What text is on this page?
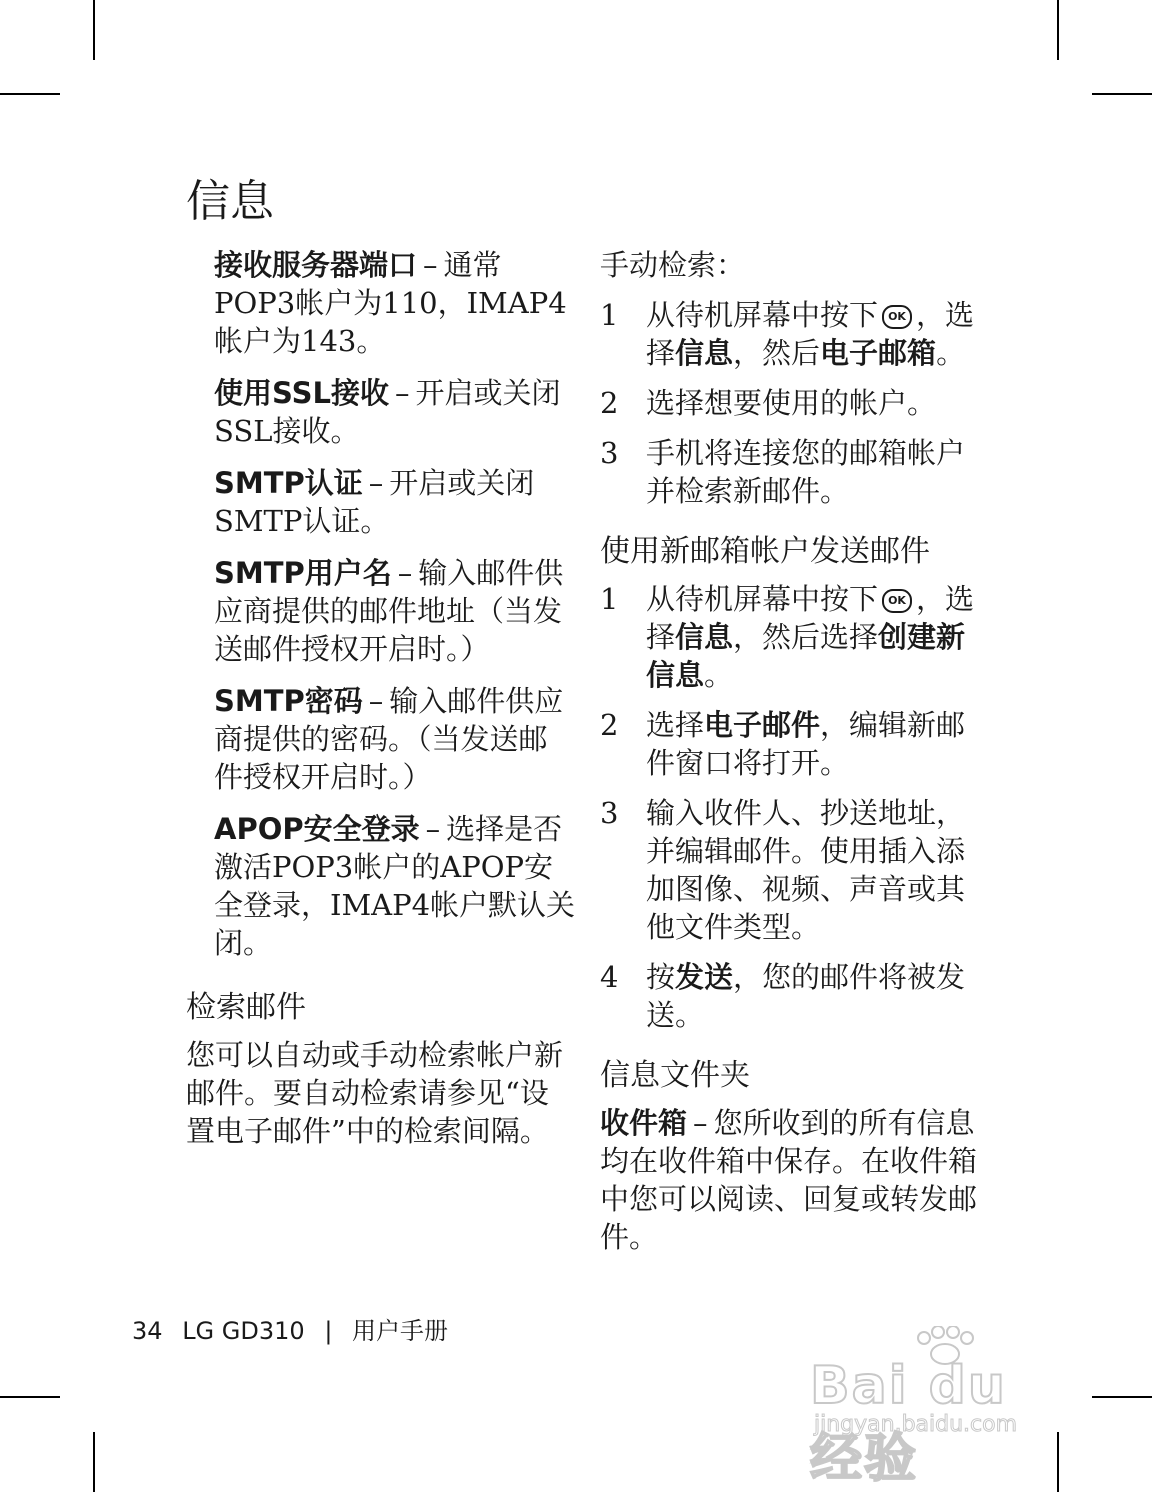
信息

接收服务器端口 – 通常POP3帐户为110，IMAP4帐户为143。

使用SSL接收 – 开启或关闭SSL接收。

SMTP认证 – 开启或关闭SMTP认证。

SMTP用户名 – 输入邮件供应商提供的邮件地址（当发送邮件授权开启时。）

SMTP密码 – 输入邮件供应商提供的密码。（当发送邮件授权开启时。）

APOP安全登录 – 选择是否激活POP3帐户的APOP安全登录，IMAP4帐户默认关闭。

检索邮件

您可以自动或手动检索帐户新邮件。要自动检索请参见“设置电子邮件”中的检索间隔。

手动检索：

1 从待机屏幕中按下 OK ，选择信息，然后电子邮箱。
2 选择想要使用的帐户。
3 手机将连接您的邮箱帐户并检索新邮件。
使用新邮箱帐户发送邮件
1 从待机屏幕中按下 OK ，选择信息，然后选择创建新信息。
2 选择电子邮件，编辑新邮件窗口将打开。
3 输入收件人、抄送地址，并编辑邮件。使用插入添加图像、视频、声音或其他文件类型。
4 按发送，您的邮件将被发送。
信息文件夹

收件箱 – 您所收到的所有信息均在收件箱中保存。在收件箱中您可以阅读、回复或转发邮件。

34 LG GD310 | 用户手册
Bai du 经验
jingyan.baidu.com
